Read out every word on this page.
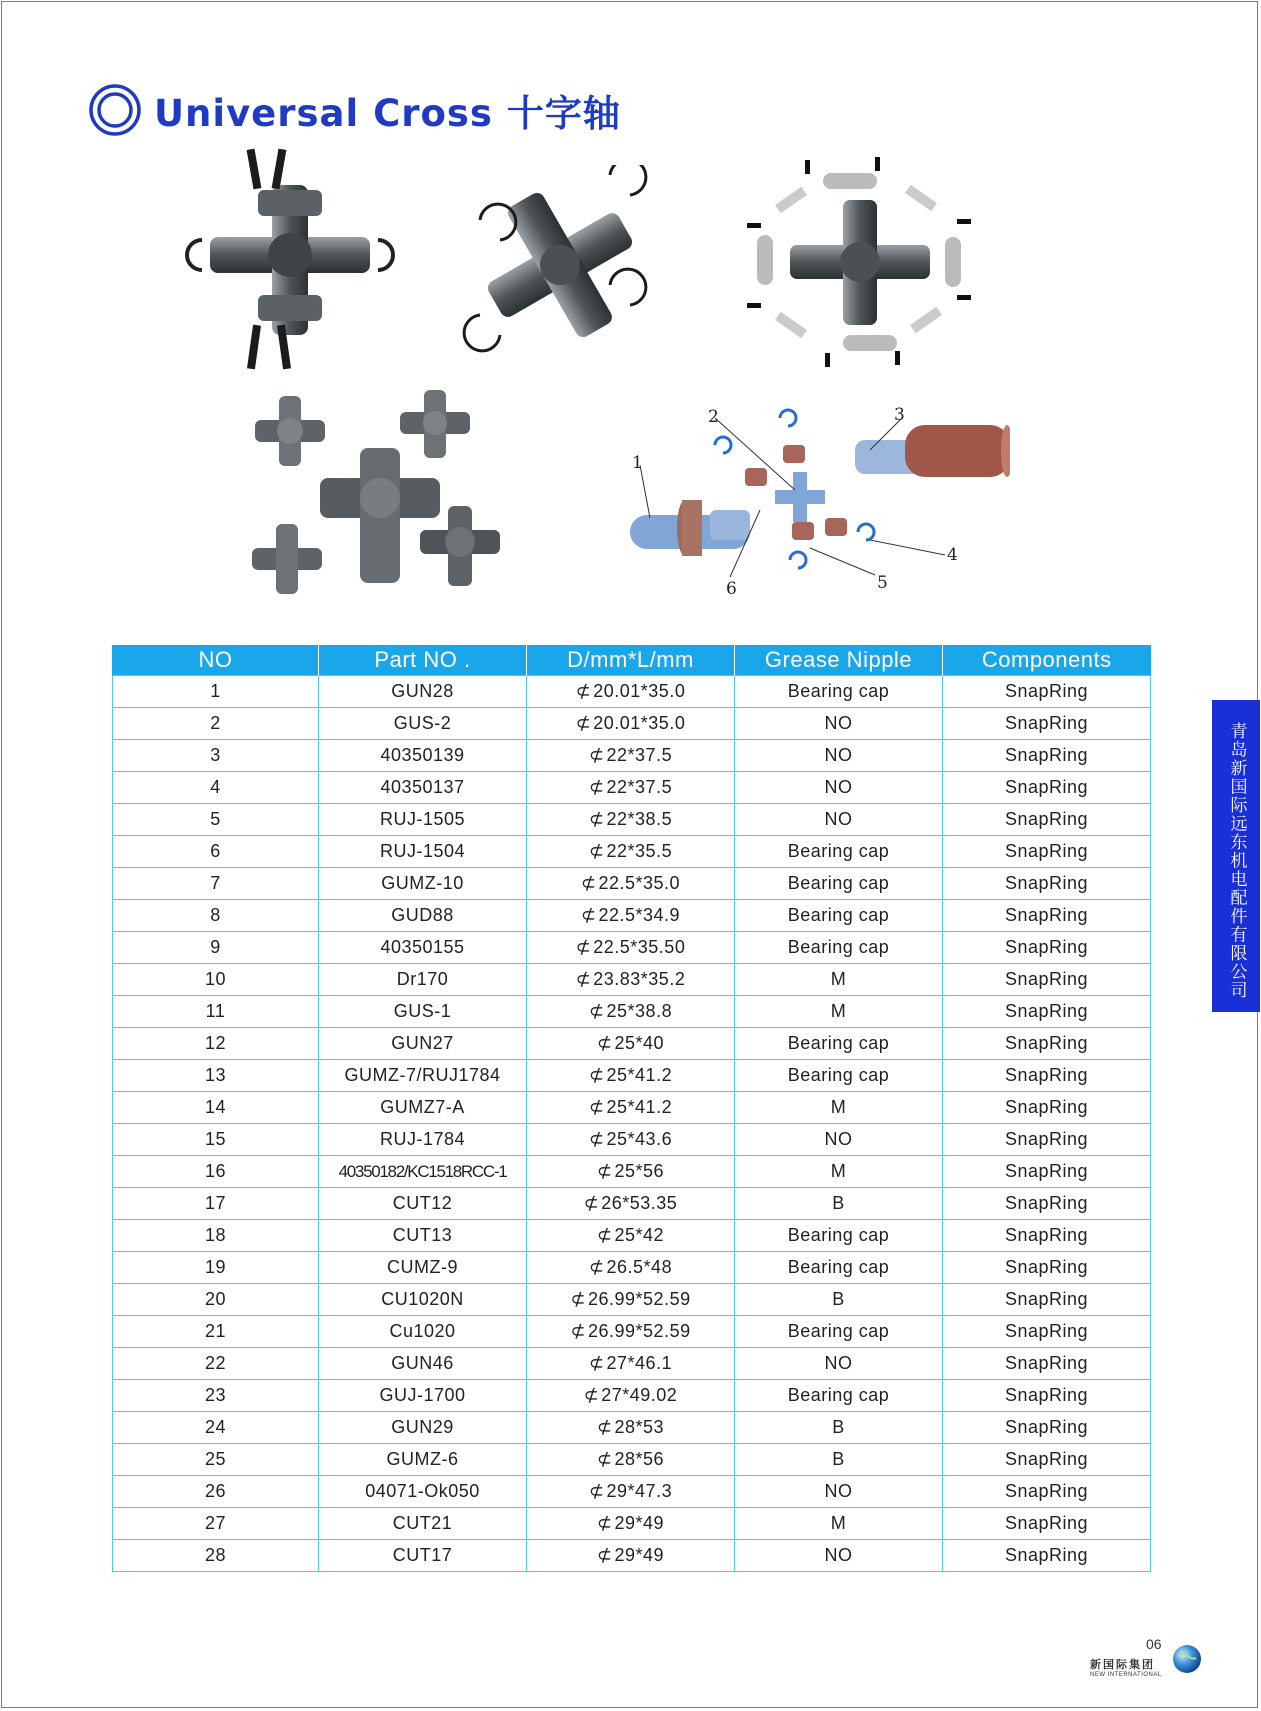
Universal Cross 十字轴
1
2	3
4
5
6
青岛新国际远东机电配件有限公司
NO	Part NO .	D/mm*L/mm	Grease Nipple	Components
1	GUN28	⊄ 20.01*35.0	Bearing cap	SnapRing
2	GUS-2	⊄ 20.01*35.0	NO	SnapRing
3	40350139	⊄ 22*37.5	NO	SnapRing
4	40350137	⊄ 22*37.5	NO	SnapRing
5	RUJ-1505	⊄ 22*38.5	NO	SnapRing
6	RUJ-1504	⊄ 22*35.5	Bearing cap	SnapRing
7	GUMZ-10	⊄ 22.5*35.0	Bearing cap	SnapRing
8	GUD88	⊄ 22.5*34.9	Bearing cap	SnapRing
9	40350155	⊄ 22.5*35.50	Bearing cap	SnapRing
10	Dr170	⊄ 23.83*35.2	M	SnapRing
11	GUS-1	⊄ 25*38.8	M	SnapRing
12	GUN27	⊄ 25*40	Bearing cap	SnapRing
13	GUMZ-7/RUJ1784	⊄ 25*41.2	Bearing cap	SnapRing
14	GUMZ7-A	⊄ 25*41.2	M	SnapRing
15	RUJ-1784	⊄ 25*43.6	NO	SnapRing
16	40350182/KC1518RCC-1	⊄ 25*56	M	SnapRing
17	CUT12	⊄ 26*53.35	B	SnapRing
18	CUT13	⊄ 25*42	Bearing cap	SnapRing
19	CUMZ-9	⊄ 26.5*48	Bearing cap	SnapRing
20	CU1020N	⊄ 26.99*52.59	B	SnapRing
21	Cu1020	⊄ 26.99*52.59	Bearing cap	SnapRing
22	GUN46	⊄ 27*46.1	NO	SnapRing
23	GUJ-1700	⊄ 27*49.02	Bearing cap	SnapRing
24	GUN29	⊄ 28*53	B	SnapRing
25	GUMZ-6	⊄ 28*56	B	SnapRing
26	04071-Ok050	⊄ 29*47.3	NO	SnapRing
27	CUT21	⊄ 29*49	M	SnapRing
28	CUT17	⊄ 29*49	NO	SnapRing
06
新国际集团
NEW INTERNATIONAL
